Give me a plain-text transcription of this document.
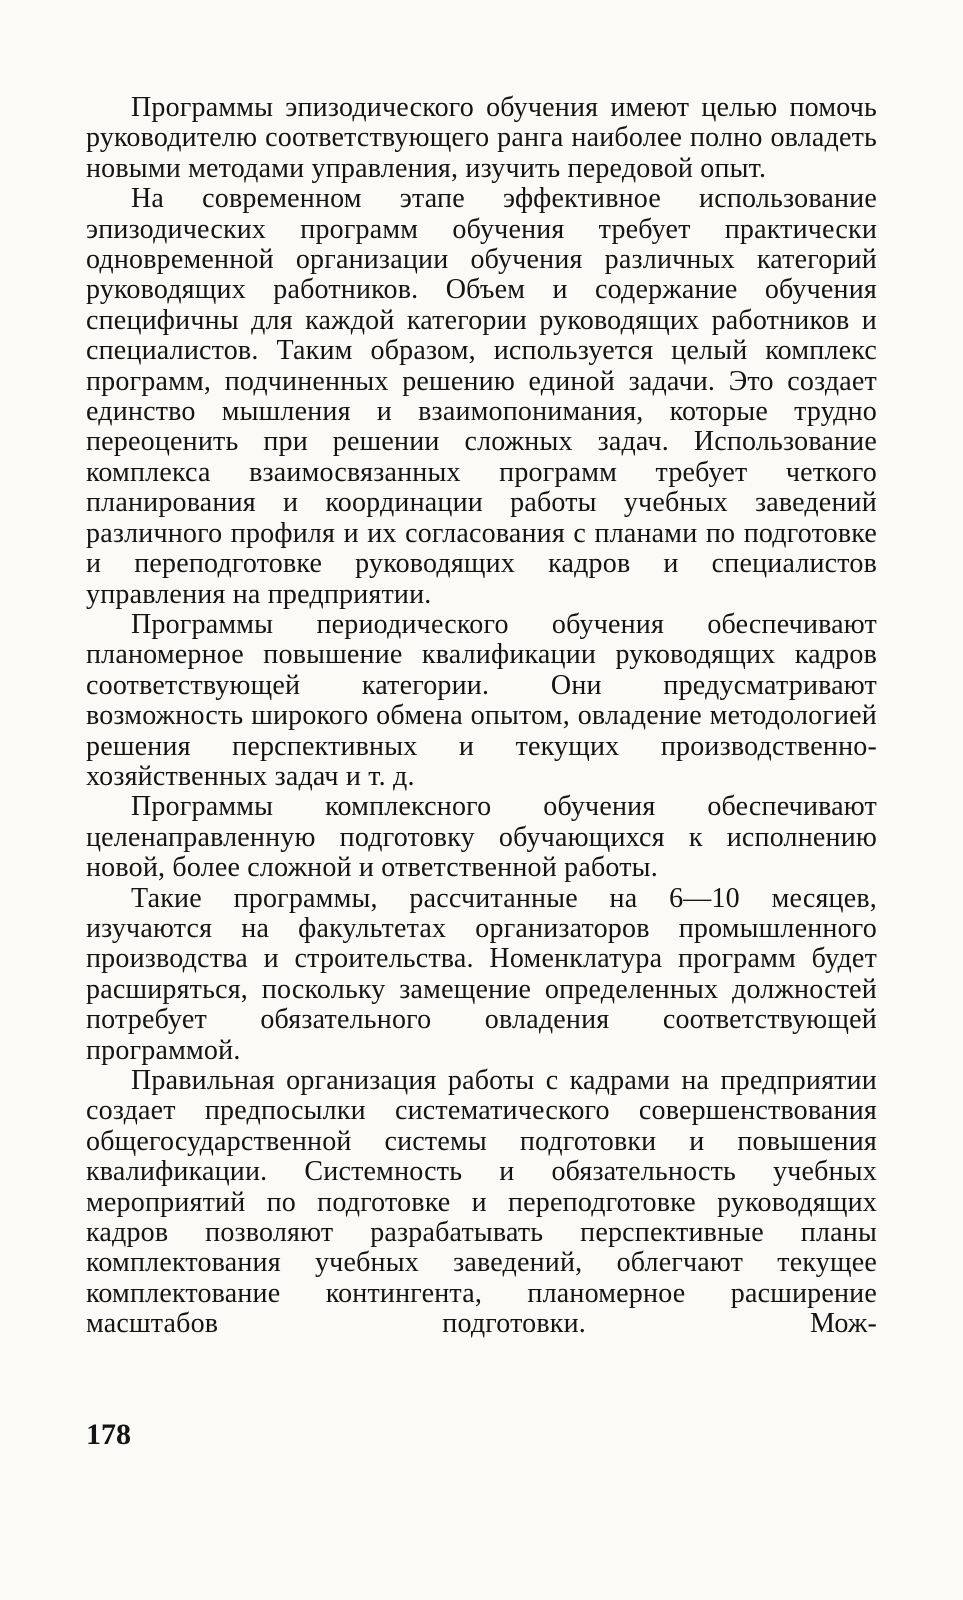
Программы эпизодического обучения имеют целью помочь руководителю соответствующего ранга наиболее полно овладеть новыми методами управления, изучить передовой опыт.

На современном этапе эффективное использование эпизодических программ обучения требует практически одновременной организации обучения различных категорий руководящих работников. Объем и содержание обучения специфичны для каждой категории руководящих работников и специалистов. Таким образом, используется целый комплекс программ, подчиненных решению единой задачи. Это создает единство мышления и взаимопонимания, которые трудно переоценить при решении сложных задач. Использование комплекса взаимосвязанных программ требует четкого планирования и координации работы учебных заведений различного профиля и их согласования с планами по подготовке и переподготовке руководящих кадров и специалистов управления на предприятии.

Программы периодического обучения обеспечивают планомерное повышение квалификации руководящих кадров соответствующей категории. Они предусматривают возможность широкого обмена опытом, овладение методологией решения перспективных и текущих производственно-хозяйственных задач и т. д.

Программы комплексного обучения обеспечивают целенаправленную подготовку обучающихся к исполнению новой, более сложной и ответственной работы.

Такие программы, рассчитанные на 6—10 месяцев, изучаются на факультетах организаторов промышленного производства и строительства. Номенклатура программ будет расширяться, поскольку замещение определенных должностей потребует обязательного овладения соответствующей программой.

Правильная организация работы с кадрами на предприятии создает предпосылки систематического совершенствования общегосударственной системы подготовки и повышения квалификации. Системность и обязательность учебных мероприятий по подготовке и переподготовке руководящих кадров позволяют разрабатывать перспективные планы комплектования учебных заведений, облегчают текущее комплектование контингента, планомерное расширение масштабов подготовки. Мож-

178
